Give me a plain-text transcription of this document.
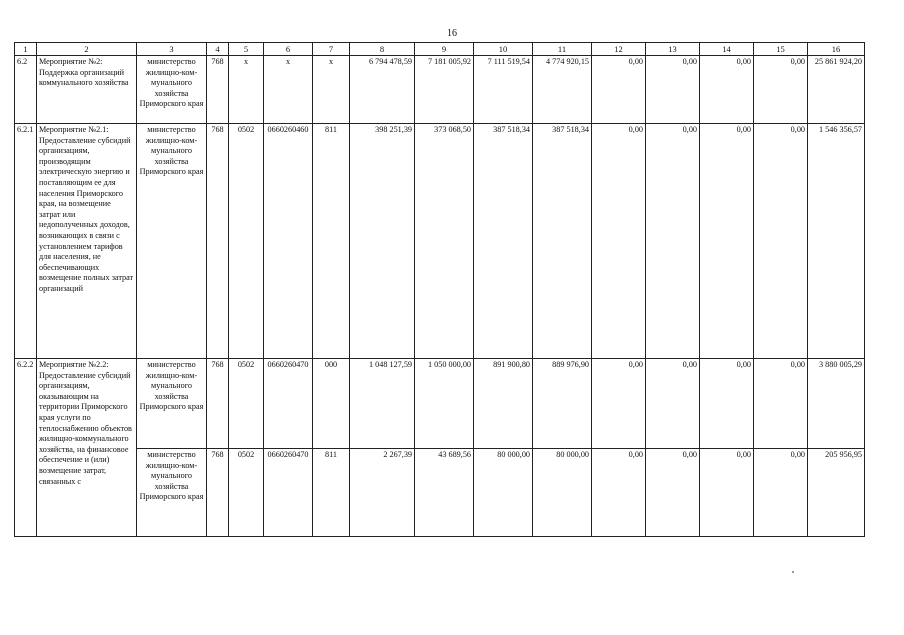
16
1	2	3	4	5	6	7	8	9	10	11	12	13	14	15	16
6.2	Мероприятие №2: Поддержка организаций коммунального хозяйства	министерство жилищно-ком-мунального хозяйства Приморского края	768	x	x	x	6 794 478,59	7 181 005,92	7 111 519,54	4 774 920,15	0,00	0,00	0,00	0,00	25 861 924,20
6.2.1	Мероприятие №2.1: Предоставление субсидий организациям, производящим электрическую энергию и поставляющим ее для населения Приморского края, на возмещение затрат или недополученных доходов, возникающих в связи с установлением тарифов для населения, не обеспечивающих возмещение полных затрат организаций	министерство жилищно-ком-мунального хозяйства Приморского края	768	0502	0660260460	811	398 251,39	373 068,50	387 518,34	387 518,34	0,00	0,00	0,00	0,00	1 546 356,57
6.2.2	Мероприятие №2.2: Предоставление субсидий организациям, оказывающим на территории Приморского края услуги по теплоснабжению объектов жилищно-коммунального хозяйства, на финансовое обеспечение и (или) возмещение затрат, связанных с	министерство жилищно-ком-мунального хозяйства Приморского края	768	0502	0660260470	000	1 048 127,59	1 050 000,00	891 900,80	889 976,90	0,00	0,00	0,00	0,00	3 880 005,29
		министерство жилищно-ком-мунального хозяйства Приморского края	768	0502	0660260470	811	2 267,39	43 689,56	80 000,00	80 000,00	0,00	0,00	0,00	0,00	205 956,95
